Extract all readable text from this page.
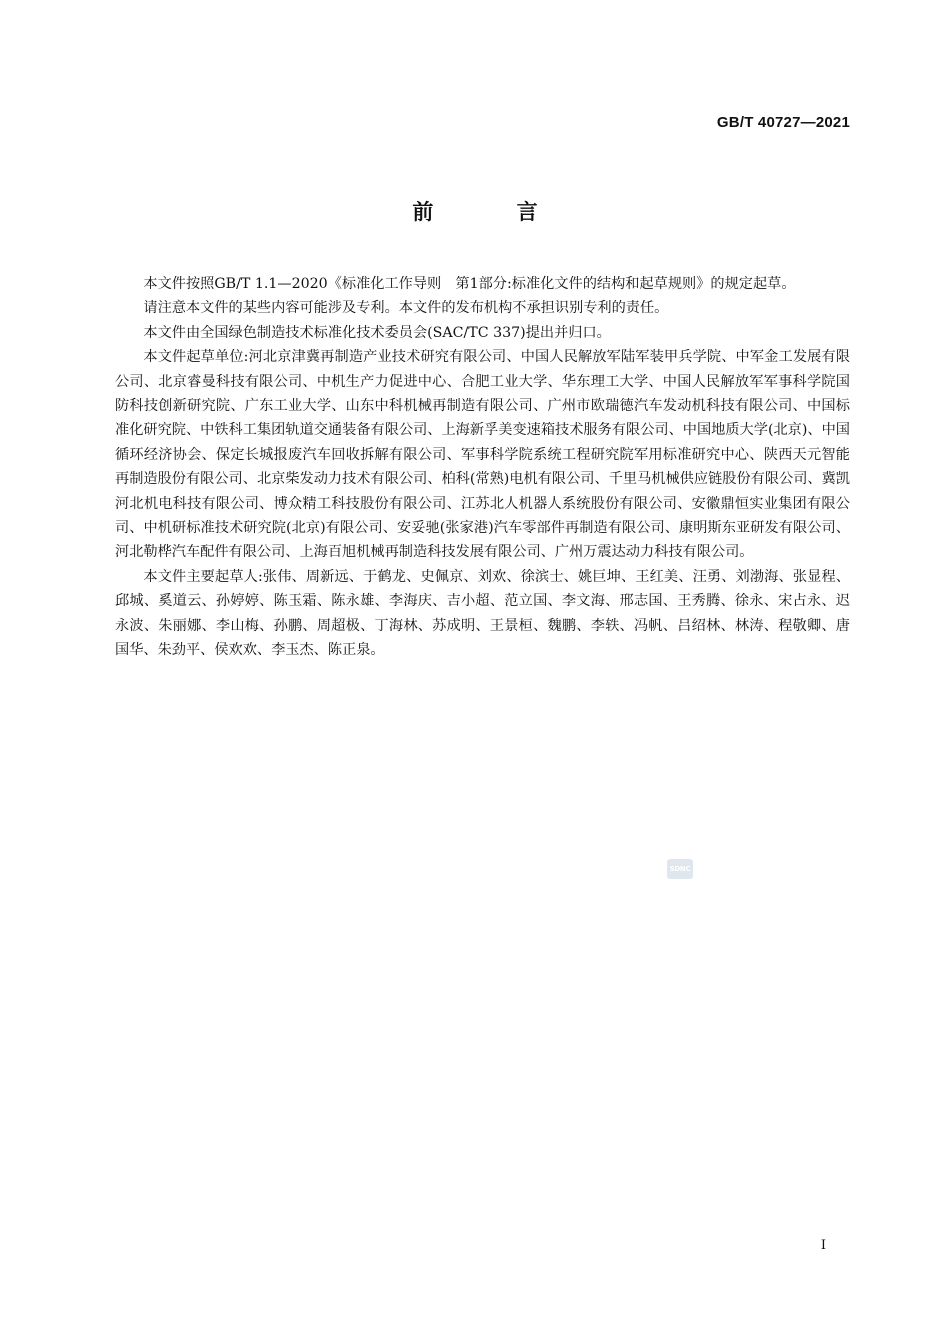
GB/T 40727—2021
前 言

本文件按照GB/T 1.1—2020《标准化工作导则　第1部分:标准化文件的结构和起草规则》的规定起草。

请注意本文件的某些内容可能涉及专利。本文件的发布机构不承担识别专利的责任。

本文件由全国绿色制造技术标准化技术委员会(SAC/TC 337)提出并归口。

本文件起草单位:河北京津冀再制造产业技术研究有限公司、中国人民解放军陆军装甲兵学院、中军金工发展有限公司、北京睿曼科技有限公司、中机生产力促进中心、合肥工业大学、华东理工大学、中国人民解放军军事科学院国防科技创新研究院、广东工业大学、山东中科机械再制造有限公司、广州市欧瑞德汽车发动机科技有限公司、中国标准化研究院、中铁科工集团轨道交通装备有限公司、上海新孚美变速箱技术服务有限公司、中国地质大学(北京)、中国循环经济协会、保定长城报废汽车回收拆解有限公司、军事科学院系统工程研究院军用标准研究中心、陕西天元智能再制造股份有限公司、北京柴发动力技术有限公司、柏科(常熟)电机有限公司、千里马机械供应链股份有限公司、冀凯河北机电科技有限公司、博众精工科技股份有限公司、江苏北人机器人系统股份有限公司、安徽鼎恒实业集团有限公司、中机研标准技术研究院(北京)有限公司、安妥驰(张家港)汽车零部件再制造有限公司、康明斯东亚研发有限公司、河北勒桦汽车配件有限公司、上海百旭机械再制造科技发展有限公司、广州万震达动力科技有限公司。

本文件主要起草人:张伟、周新远、于鹤龙、史佩京、刘欢、徐滨士、姚巨坤、王红美、汪勇、刘渤海、张显程、邱城、奚道云、孙婷婷、陈玉霜、陈永雄、李海庆、吉小超、范立国、李文海、邢志国、王秀腾、徐永、宋占永、迟永波、朱丽娜、李山梅、孙鹏、周超极、丁海林、苏成明、王景桓、魏鹏、李轶、冯帆、吕绍林、林涛、程敬卿、唐国华、朱劲平、侯欢欢、李玉杰、陈正泉。

SDNC
I
